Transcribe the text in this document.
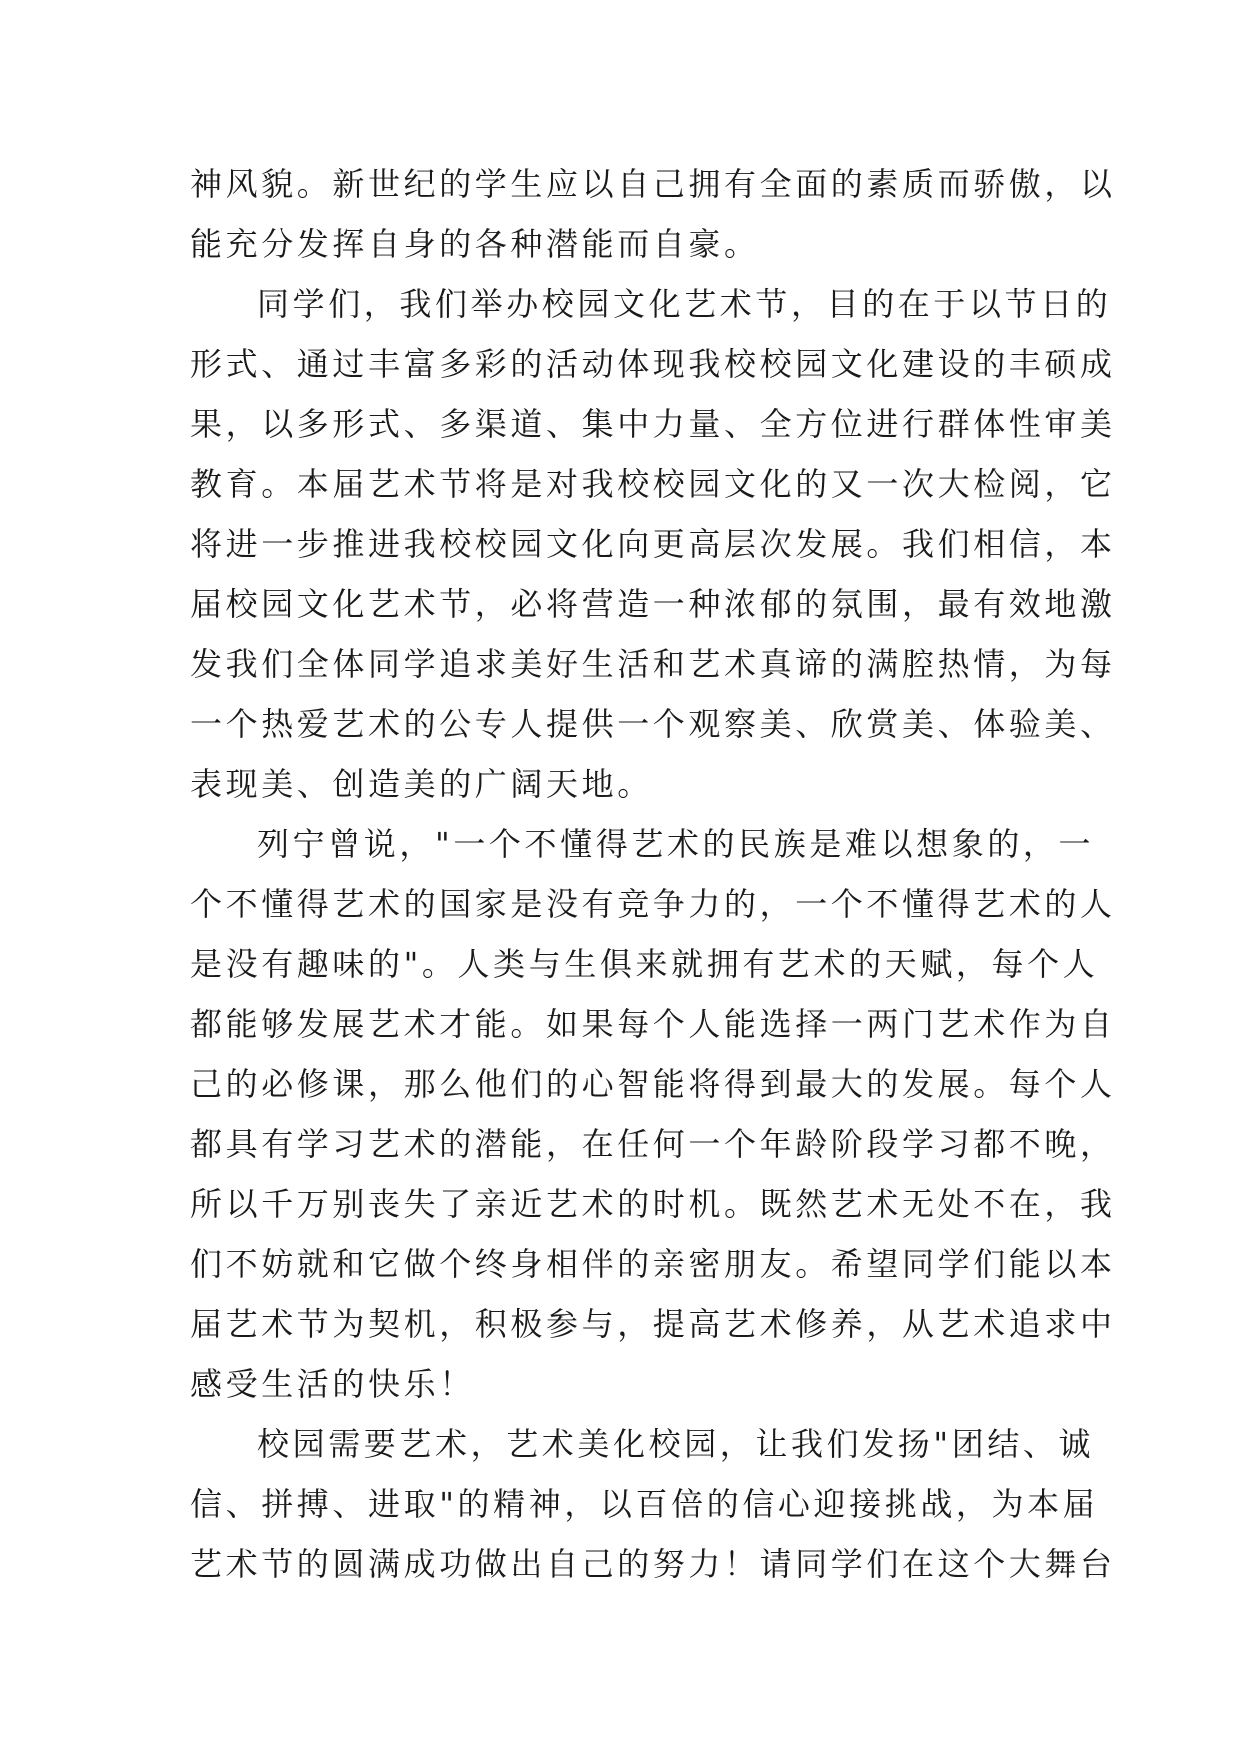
神风貌。新世纪的学生应以自己拥有全面的素质而骄傲，以
能充分发挥自身的各种潜能而自豪。
同学们，我们举办校园文化艺术节，目的在于以节日的
形式、通过丰富多彩的活动体现我校校园文化建设的丰硕成
果，以多形式、多渠道、集中力量、全方位进行群体性审美
教育。本届艺术节将是对我校校园文化的又一次大检阅，它
将进一步推进我校校园文化向更高层次发展。我们相信，本
届校园文化艺术节，必将营造一种浓郁的氛围，最有效地激
发我们全体同学追求美好生活和艺术真谛的满腔热情，为每
一个热爱艺术的公专人提供一个观察美、欣赏美、体验美、
表现美、创造美的广阔天地。
列宁曾说，"一个不懂得艺术的民族是难以想象的，一
个不懂得艺术的国家是没有竞争力的，一个不懂得艺术的人
是没有趣味的"。人类与生俱来就拥有艺术的天赋，每个人
都能够发展艺术才能。如果每个人能选择一两门艺术作为自
己的必修课，那么他们的心智能将得到最大的发展。每个人
都具有学习艺术的潜能，在任何一个年龄阶段学习都不晚，
所以千万别丧失了亲近艺术的时机。既然艺术无处不在，我
们不妨就和它做个终身相伴的亲密朋友。希望同学们能以本
届艺术节为契机，积极参与，提高艺术修养，从艺术追求中
感受生活的快乐！
校园需要艺术，艺术美化校园，让我们发扬"团结、诚
信、拼搏、进取"的精神，以百倍的信心迎接挑战，为本届
艺术节的圆满成功做出自己的努力！请同学们在这个大舞台
